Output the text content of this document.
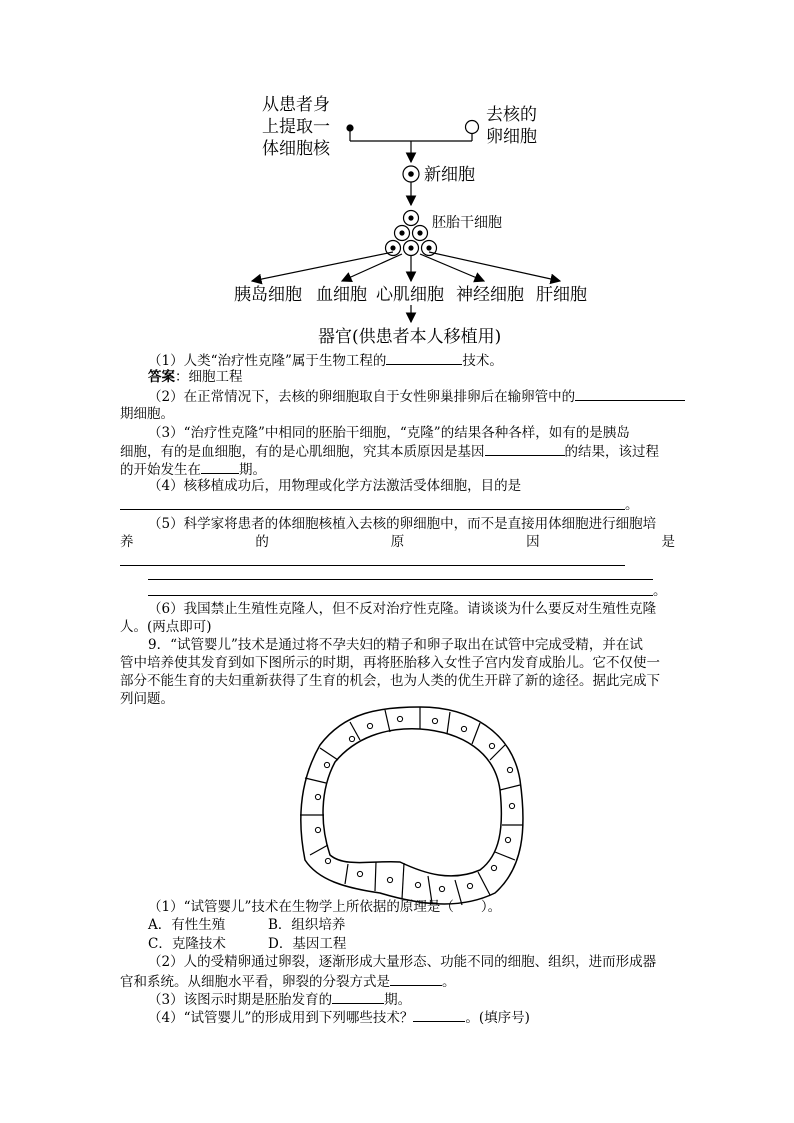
从患者身
上提取一
体细胞核
去核的
卵细胞
新细胞
胚胎干细胞
胰岛细胞 血细胞 心肌细胞 神经细胞 肝细胞
器官(供患者本人移植用)
（1）人类“治疗性克隆”属于生物工程的	技术。
答案：细胞工程
（2）在正常情况下，去核的卵细胞取自于女性卵巢排卵后在输卵管中的
期细胞。
（3）“治疗性克隆”中相同的胚胎干细胞，“克隆”的结果各种各样，如有的是胰岛
细胞，有的是血细胞，有的是心肌细胞，究其本质原因是基因	的结果，该过程
的开始发生在	期。
（4）核移植成功后，用物理或化学方法激活受体细胞，目的是
。
（5）科学家将患者的体细胞核植入去核的卵细胞中，而不是直接用体细胞进行细胞培
养	的	原	因	是
。
（6）我国禁止生殖性克隆人，但不反对治疗性克隆。请谈谈为什么要反对生殖性克隆
人。(两点即可)
9．“试管婴儿”技术是通过将不孕夫妇的精子和卵子取出在试管中完成受精，并在试
管中培养使其发育到如下图所示的时期，再将胚胎移入女性子宫内发育成胎儿。它不仅使一
部分不能生育的夫妇重新获得了生育的机会，也为人类的优生开辟了新的途径。据此完成下
列问题。
（1）“试管婴儿”技术在生物学上所依据的原理是（　　）。
A．有性生殖	B．组织培养
C．克隆技术	D．基因工程
（2）人的受精卵通过卵裂，逐渐形成大量形态、功能不同的细胞、组织，进而形成器
官和系统。从细胞水平看，卵裂的分裂方式是	。
（3）该图示时期是胚胎发育的	期。
（4）“试管婴儿”的形成用到下列哪些技术？	。(填序号)
